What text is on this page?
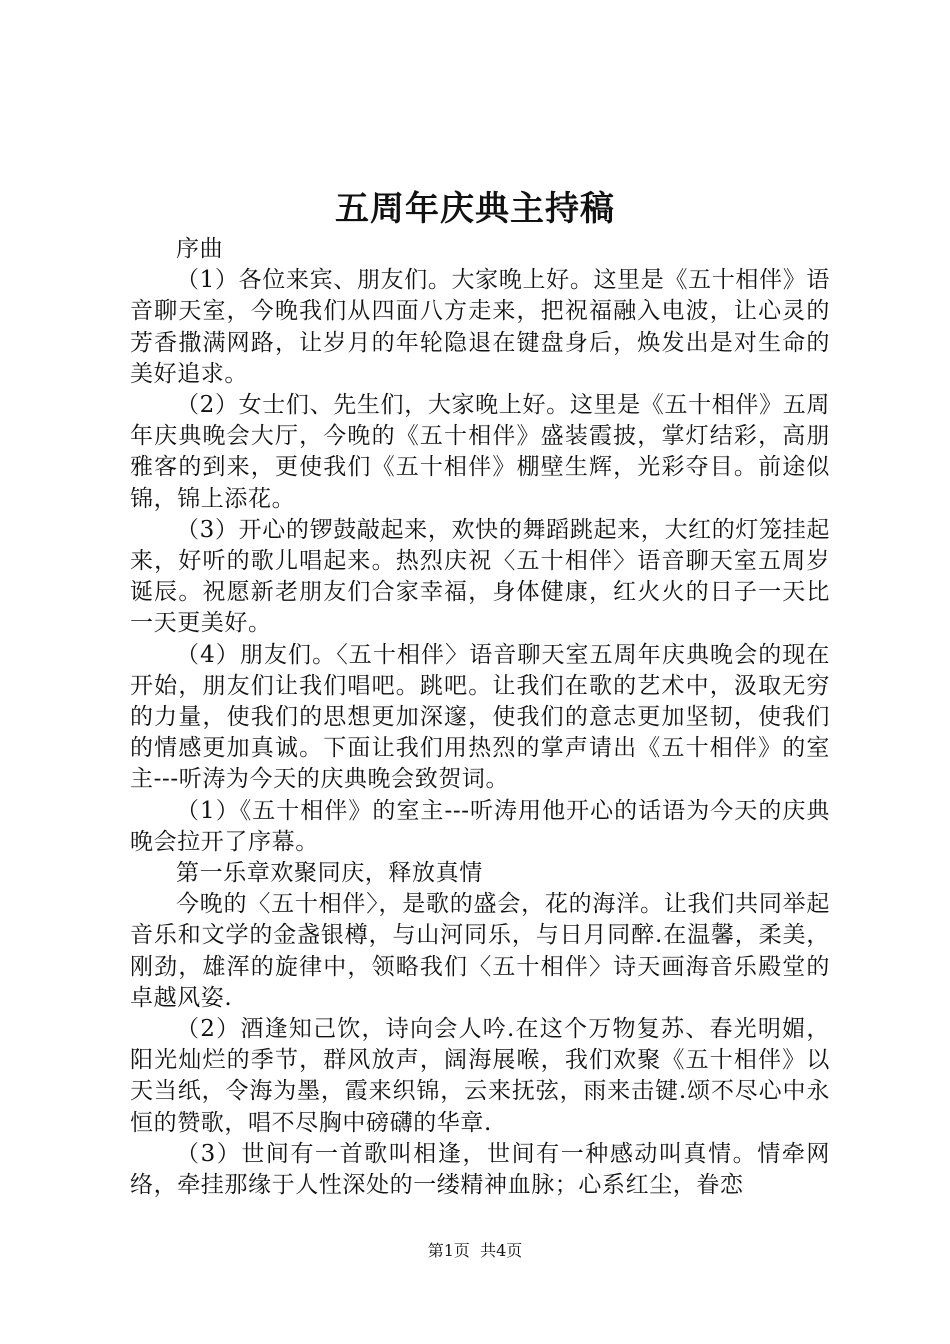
五周年庆典主持稿

序曲

（1）各位来宾、朋友们。大家晚上好。这里是《五十相伴》语音聊天室，今晚我们从四面八方走来，把祝福融入电波，让心灵的芳香撒满网路，让岁月的年轮隐退在键盘身后，焕发出是对生命的美好追求。

（2）女士们、先生们，大家晚上好。这里是《五十相伴》五周年庆典晚会大厅，今晚的《五十相伴》盛装霞披，掌灯结彩，高朋雅客的到来，更使我们《五十相伴》棚壁生辉，光彩夺目。前途似锦，锦上添花。

（3）开心的锣鼓敲起来，欢快的舞蹈跳起来，大红的灯笼挂起来，好听的歌儿唱起来。热烈庆祝〈五十相伴〉语音聊天室五周岁诞辰。祝愿新老朋友们合家幸福，身体健康，红火火的日子一天比一天更美好。

（4）朋友们。〈五十相伴〉语音聊天室五周年庆典晚会的现在开始，朋友们让我们唱吧。跳吧。让我们在歌的艺术中，汲取无穷的力量，使我们的思想更加深邃，使我们的意志更加坚韧，使我们的情感更加真诚。下面让我们用热烈的掌声请出《五十相伴》的室主---听涛为今天的庆典晚会致贺词。

（1）《五十相伴》的室主---听涛用他开心的话语为今天的庆典晚会拉开了序幕。

第一乐章欢聚同庆，释放真情

今晚的〈五十相伴〉，是歌的盛会，花的海洋。让我们共同举起音乐和文学的金盏银樽，与山河同乐，与日月同醉.在温馨，柔美，刚劲，雄浑的旋律中，领略我们〈五十相伴〉诗天画海音乐殿堂的卓越风姿.

（2）酒逢知己饮，诗向会人吟.在这个万物复苏、春光明媚，阳光灿烂的季节，群风放声，阔海展喉，我们欢聚《五十相伴》以天当纸，令海为墨，霞来织锦，云来抚弦，雨来击键.颂不尽心中永恒的赞歌，唱不尽胸中磅礴的华章.

（3）世间有一首歌叫相逢，世间有一种感动叫真情。情牵网络，牵挂那缘于人性深处的一缕精神血脉；心系红尘，眷恋

第1页  共4页
